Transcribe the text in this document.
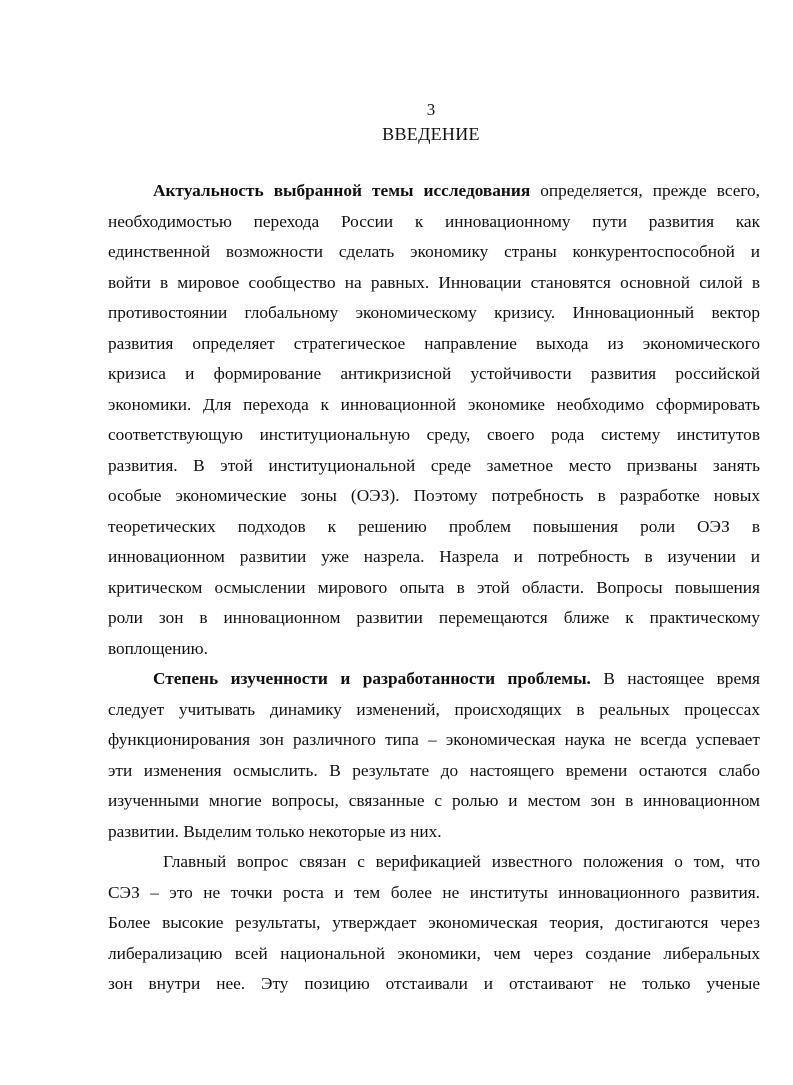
3
ВВЕДЕНИЕ
Актуальность выбранной темы исследования определяется, прежде всего,
необходимостью перехода России к инновационному пути развития как
единственной возможности сделать экономику страны конкурентоспособной и
войти в мировое сообщество на равных. Инновации становятся основной силой в
противостоянии глобальному экономическому кризису. Инновационный вектор
развития определяет стратегическое направление выхода из экономического
кризиса и формирование антикризисной устойчивости развития российской
экономики. Для перехода к инновационной экономике необходимо сформировать
соответствующую институциональную среду, своего рода систему институтов
развития. В этой институциональной среде заметное место призваны занять
особые экономические зоны (ОЭЗ). Поэтому потребность в разработке новых
теоретических подходов к решению проблем повышения роли ОЭЗ в
инновационном развитии уже назрела. Назрела и потребность в изучении и
критическом осмыслении мирового опыта в этой области. Вопросы повышения
роли зон в инновационном развитии перемещаются ближе к практическому
воплощению.
Степень изученности и разработанности проблемы. В настоящее время
следует учитывать динамику изменений, происходящих в реальных процессах
функционирования зон различного типа – экономическая наука не всегда успевает
эти изменения осмыслить. В результате до настоящего времени остаются слабо
изученными многие вопросы, связанные с ролью и местом зон в инновационном
развитии. Выделим только некоторые из них.
Главный вопрос связан с верификацией известного положения о том, что
СЭЗ – это не точки роста и тем более не институты инновационного развития.
Более высокие результаты, утверждает экономическая теория, достигаются через
либерализацию всей национальной экономики, чем через создание либеральных
зон внутри нее. Эту позицию отстаивали и отстаивают не только ученые
